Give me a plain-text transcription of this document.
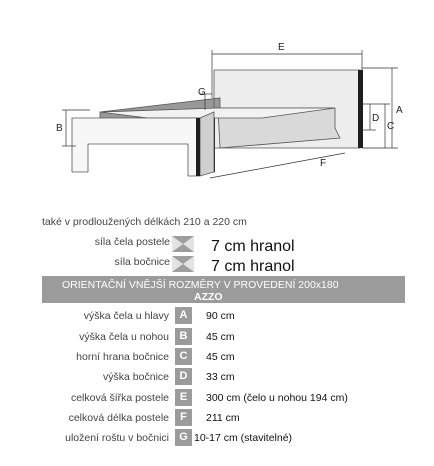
E
G
B
D
A
C
F
také v prodloužených délkách 210 a 220 cm
síla čela postele	7 cm hranol
síla bočnice	7 cm hranol
ORIENTAČNÍ VNĚJŠÍ ROZMĚRY V PROVEDENÍ 200x180
AZZO
výška čela u hlavy A	90 cm
výška čela u nohou B	45 cm
horní hrana bočnice C	45 cm
výška bočnice D	33 cm
celková šířka postele E	300 cm (čelo u nohou 194 cm)
celková délka postele	F	211 cm
uložení roštu v bočnici G 10-17 cm (stavitelné)
